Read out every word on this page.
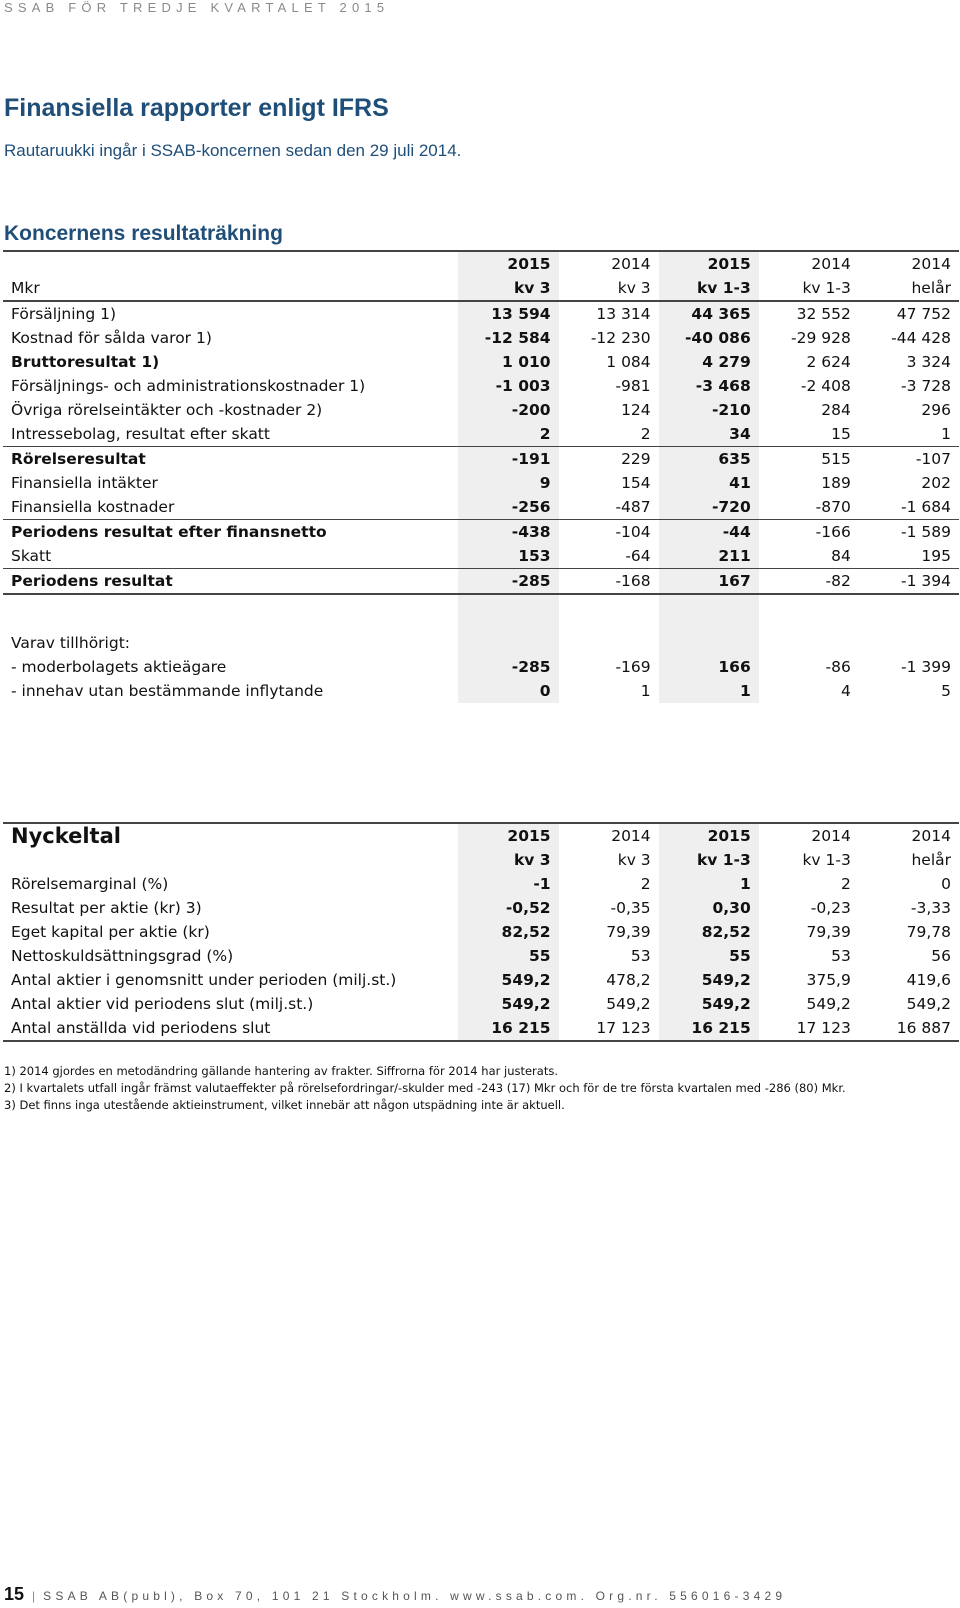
SSAB FÖR TREDJE KVARTALET 2015
Finansiella rapporter enligt IFRS

Rautaruukki ingår i SSAB-koncernen sedan den 29 juli 2014.

Koncernens resultaträkning
	2015	2014	2015	2014	2014
Mkr	kv 3	kv 3	kv 1-3	kv 1-3	helår
Försäljning 1)	13 594	13 314	44 365	32 552	47 752
Kostnad för sålda varor 1)	-12 584	-12 230	-40 086	-29 928	-44 428
Bruttoresultat 1)	1 010	1 084	4 279	2 624	3 324
Försäljnings- och administrationskostnader 1)	-1 003	-981	-3 468	-2 408	-3 728
Övriga rörelseintäkter och -kostnader 2)	-200	124	-210	284	296
Intressebolag, resultat efter skatt	2	2	34	15	1
Rörelseresultat	-191	229	635	515	-107
Finansiella intäkter	9	154	41	189	202
Finansiella kostnader	-256	-487	-720	-870	-1 684
Periodens resultat efter finansnetto	-438	-104	-44	-166	-1 589
Skatt	153	-64	211	84	195
Periodens resultat	-285	-168	167	-82	-1 394

Varav tillhörigt:					
- moderbolagets aktieägare	-285	-169	166	-86	-1 399
- innehav utan bestämmande inflytande	0	1	1	4	5
Nyckeltal	2015	2014	2015	2014	2014
	kv 3	kv 3	kv 1-3	kv 1-3	helår
Rörelsemarginal (%)	-1	2	1	2	0
Resultat per aktie (kr) 3)	-0,52	-0,35	0,30	-0,23	-3,33
Eget kapital per aktie (kr)	82,52	79,39	82,52	79,39	79,78
Nettoskuldsättningsgrad (%)	55	53	55	53	56
Antal aktier i genomsnitt under perioden (milj.st.)	549,2	478,2	549,2	375,9	419,6
Antal aktier vid periodens slut (milj.st.)	549,2	549,2	549,2	549,2	549,2
Antal anställda vid periodens slut	16 215	17 123	16 215	17 123	16 887
1) 2014 gjordes en metodändring gällande hantering av frakter. Siffrorna för 2014 har justerats.
2) I kvartalets utfall ingår främst valutaeffekter på rörelsefordringar/-skulder med -243 (17) Mkr och för de tre första kvartalen med -286 (80) Mkr.
3) Det finns inga utestående aktieinstrument, vilket innebär att någon utspädning inte är aktuell.
15 | SSAB AB(publ), Box 70, 101 21 Stockholm. www.ssab.com. Org.nr. 556016-3429
